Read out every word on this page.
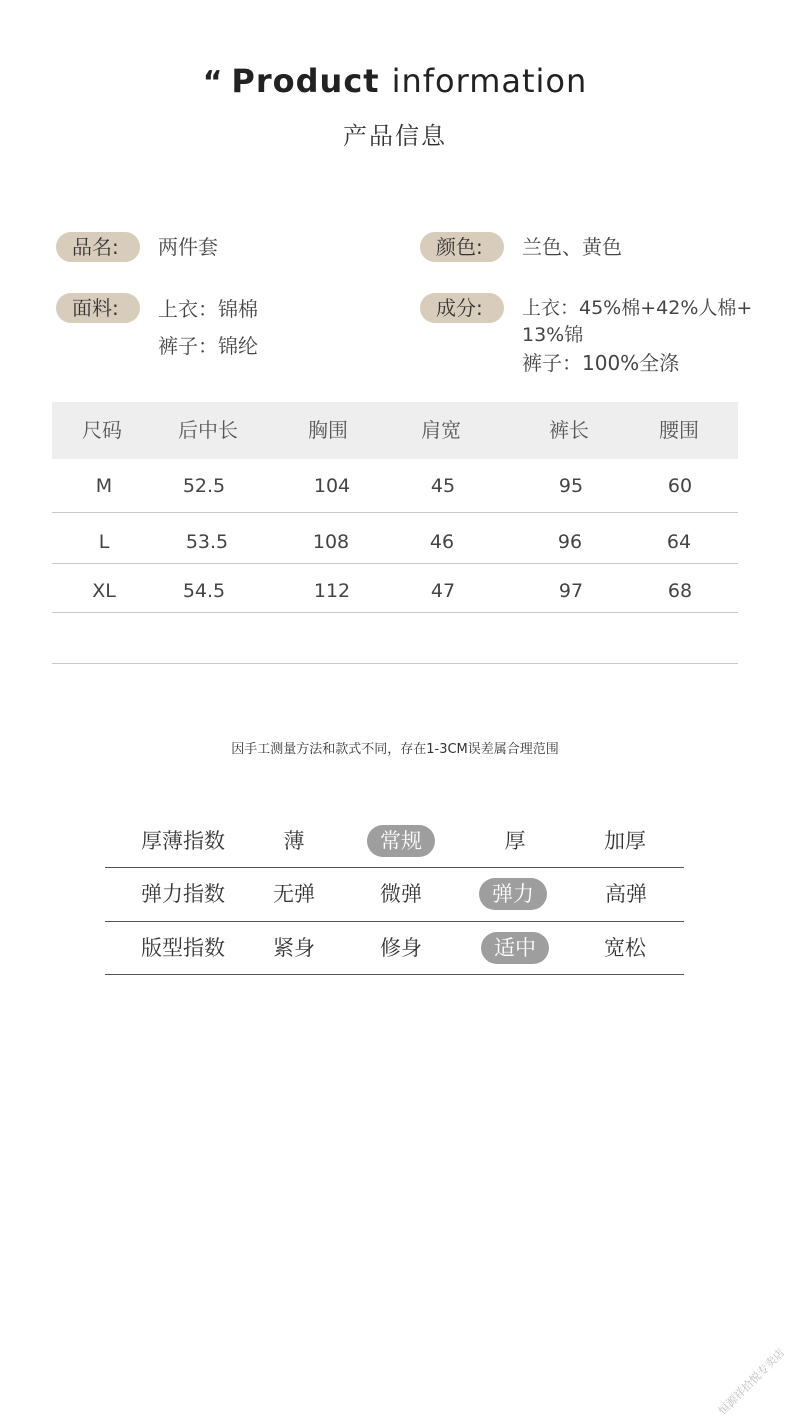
“ Product information
产品信息
品名:	两件套	颜色:	兰色、黄色
面料:	上衣：锦棉
裤子：锦纶
成分:	上衣：45%棉+42%人棉+
13%锦
裤子：100%全涤
尺码	后中长	胸围	肩宽	裤长	腰围
M	52.5	104	45	95	60
L	53.5	108	46	96	64
XL	54.5	112	47	97	68
因手工测量方法和款式不同，存在1-3CM误差属合理范围
厚薄指数	薄	常规	厚	加厚
弹力指数	无弹	微弹	弹力	高弹
版型指数	紧身	修身	适中	宽松
恒源祥拾悦专卖店
